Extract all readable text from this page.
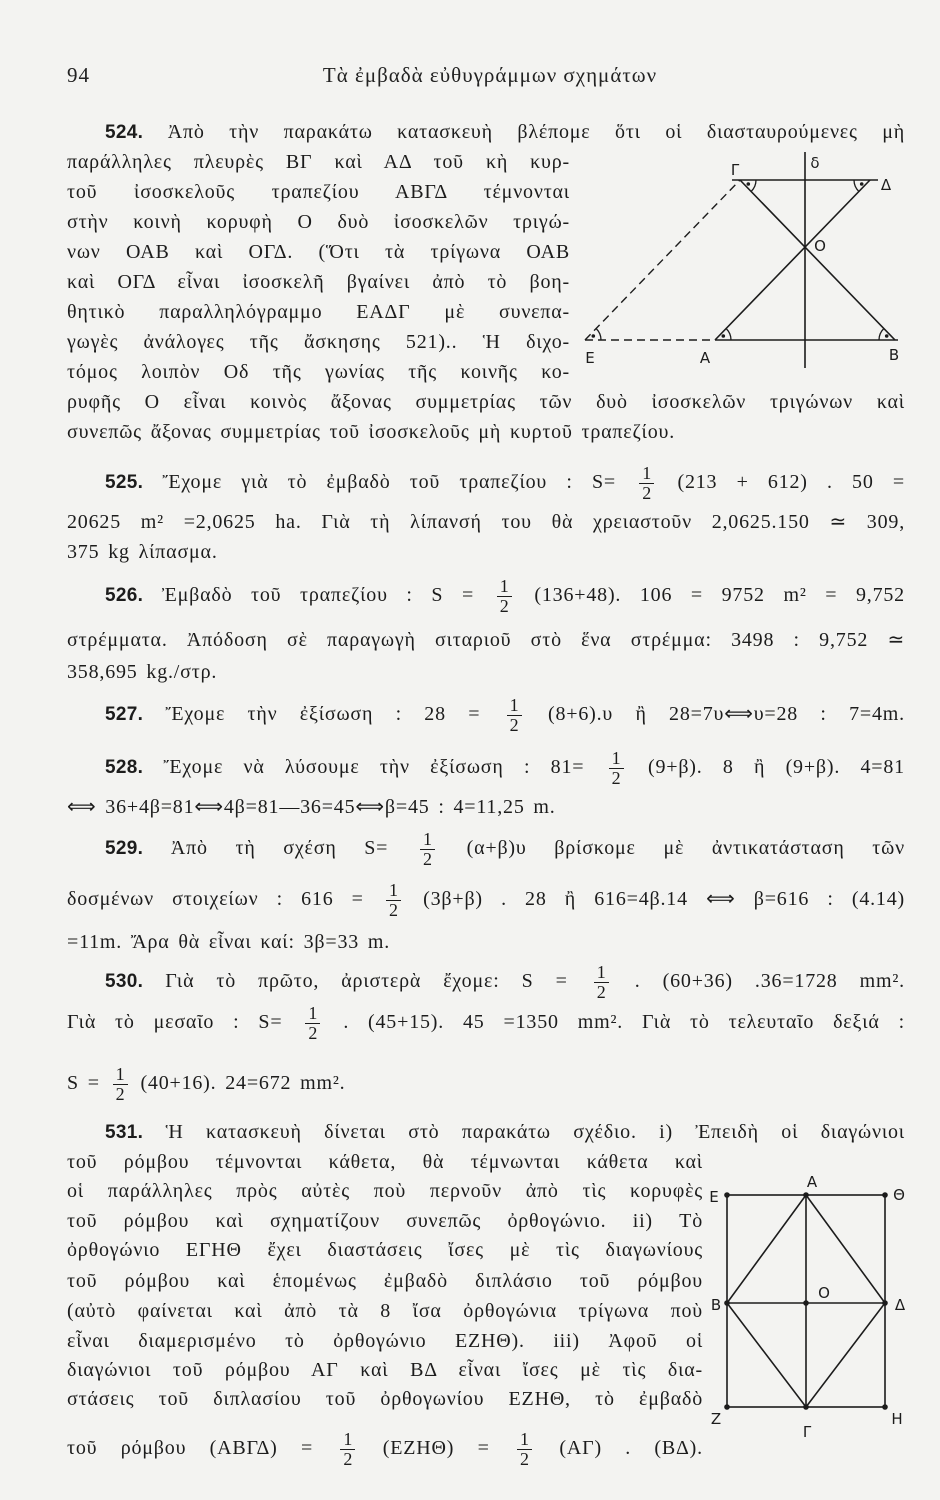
94	Τὰ ἐμβαδὰ εὐθυγράμμων σχημάτων
524. Ἀπὸ τὴν παρακάτω κατασκευὴ βλέπομε ὅτι οἱ διασταυρούμενες μὴ
παράλληλες πλευρὲς ΒΓ καὶ ΑΔ τοῦ κὴ κυρ-
τοῦ ἰσοσκελοῦς τραπεζίου ΑΒΓΔ τέμνονται
στὴν κοινὴ κορυφὴ Ο δυὸ ἰσοσκελῶν τριγώ-
νων ΟΑΒ καὶ ΟΓΔ. (Ὅτι τὰ τρίγωνα ΟΑΒ
καὶ ΟΓΔ εἶναι ἰσοσκελῆ βγαίνει ἀπὸ τὸ βοη-
θητικὸ παραλληλόγραμμο ΕΑΔΓ μὲ συνεπα-
γωγὲς ἀνάλογες τῆς ἄσκησης 521).. Ἡ διχο-
τόμος λοιπὸν Οδ τῆς γωνίας τῆς κοινῆς κο-
ρυφῆς Ο εἶναι κοινὸς ἄξονας συμμετρίας τῶν δυὸ ἰσοσκελῶν τριγώνων καὶ
συνεπῶς ἄξονας συμμετρίας τοῦ ἰσοσκελοῦς μὴ κυρτοῦ τραπεζίου.
Γ	δ
Δ
Ο
Ε	Α	Β
525. Ἔχομε γιὰ τὸ ἐμβαδὸ τοῦ τραπεζίου : $S= \frac{1}{2} (213 + 612)$ . 50 =
20625 m² =2,0625 ha. Γιὰ τὴ λίπανσή του θὰ χρειαστοῦν 2,0625.150 ≃ 309,
375 kg λίπασμα.
526. Ἐμβαδὸ τοῦ τραπεζίου : $S = \frac{1}{2} (136+48)$. 106 = 9752 m² = 9,752
στρέμματα. Ἀπόδοση σὲ παραγωγὴ σιταριοῦ στὸ ἕνα στρέμμα: 3498 : 9,752 ≃
358,695 kg./στρ.
527. Ἔχομε τὴν ἐξίσωση : $28 = \frac{1}{2} (8+6).\upsilon$ ἢ 28=7υ⟺υ=28 : 7=4m.
528. Ἔχομε νὰ λύσουμε τὴν ἐξίσωση : $81= \frac{1}{2} (9+\beta)$. 8 ἢ (9+β). 4=81
⟺ 36+4β=81⟺4β=81—36=45⟺β=45 : 4=11,25 m.
529. Ἀπὸ τὴ σχέση $S= \frac{1}{2} (\alpha+\beta)\upsilon$ βρίσκομε μὲ ἀντικατάσταση τῶν
δοσμένων στοιχείων : $616 = \frac{1}{2} (3\beta+\beta)$ . 28 ἢ 616=4β.14 ⟺ β=616 : (4.14)
=11m. Ἄρα θὰ εἶναι καί: 3β=33 m.
530. Γιὰ τὸ πρῶτο, ἀριστερὰ ἔχομε: $S = \frac{1}{2}$ . (60+36) .36=1728 mm².
Γιὰ τὸ μεσαῖο : $S= \frac{1}{2}$ . (45+15). 45 =1350 mm². Γιὰ τὸ τελευταῖο δεξιά :
$S = \frac{1}{2} (40+16)$. 24=672 mm².
531. Ἡ κατασκευὴ δίνεται στὸ παρακάτω σχέδιο. i) Ἐπειδὴ οἱ διαγώνιοι
τοῦ ρόμβου τέμνονται κάθετα, θὰ τέμνωνται κάθετα καὶ
οἱ παράλληλες πρὸς αὐτὲς ποὺ περνοῦν ἀπὸ τὶς κορυφὲς
τοῦ ρόμβου καὶ σχηματίζουν συνεπῶς ὀρθογώνιο. ii) Τὸ
ὀρθογώνιο ΕΓΗΘ ἔχει διαστάσεις ἴσες μὲ τὶς διαγωνίους
τοῦ ρόμβου καὶ ἑπομένως ἐμβαδὸ διπλάσιο τοῦ ρόμβου
(αὐτὸ φαίνεται καὶ ἀπὸ τὰ 8 ἴσα ὀρθογώνια τρίγωνα ποὺ
εἶναι διαμερισμένο τὸ ὀρθογώνιο ΕΖΗΘ). iii) Ἀφοῦ οἱ
διαγώνιοι τοῦ ρόμβου ΑΓ καὶ ΒΔ εἶναι ἴσες μὲ τὶς δια-
στάσεις τοῦ διπλασίου τοῦ ὀρθογωνίου ΕΖΗΘ, τὸ ἐμβαδὸ
τοῦ ρόμβου $(AB\Gamma\Delta) = \frac{1}{2} (EZH\Theta) = \frac{1}{2} (A\Gamma)$ . (ΒΔ).
Ε
Α
Θ
Β
Ο
Δ
Ζ
Γ
Η
